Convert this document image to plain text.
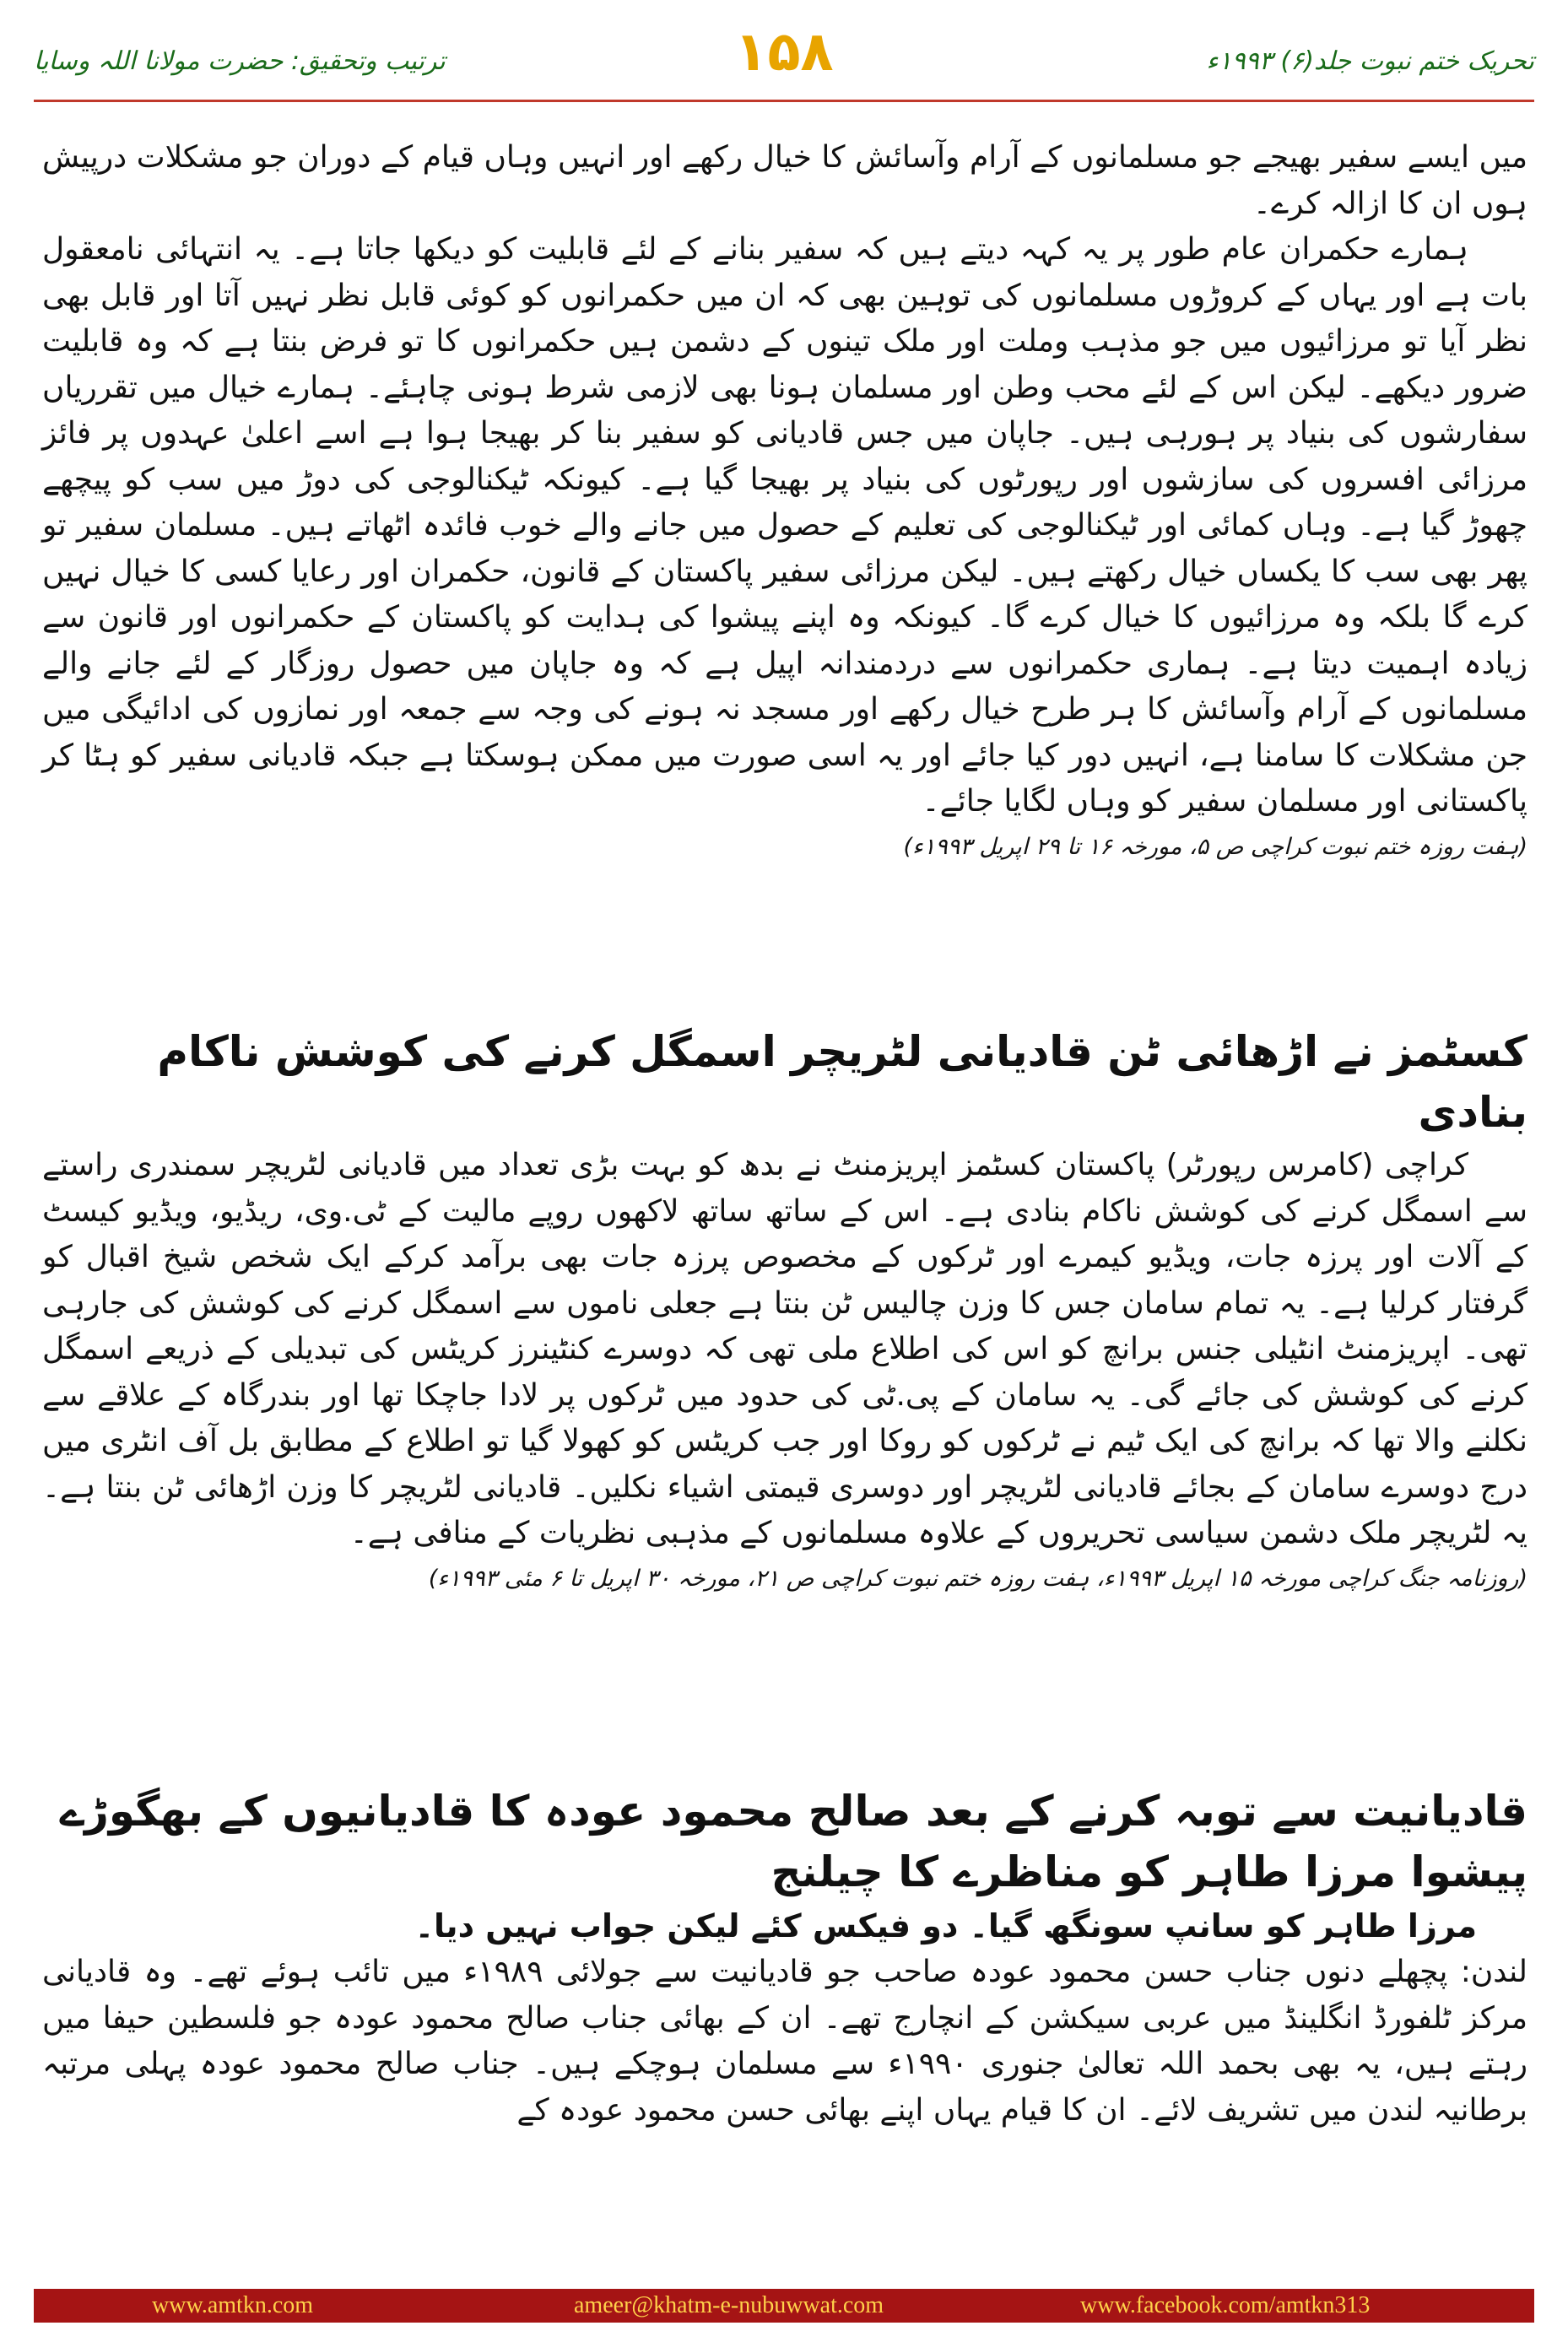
ترتیب وتحقیق: حضرت مولانا اللہ وسایا	۱۵۸	تحریک ختم نبوت جلد(۶) ۱۹۹۳ء

میں ایسے سفیر بھیجے جو مسلمانوں کے آرام وآسائش کا خیال رکھے اور انہیں وہاں قیام کے دوران جو مشکلات درپیش ہوں ان کا ازالہ کرے۔

ہمارے حکمران عام طور پر یہ کہہ دیتے ہیں کہ سفیر بنانے کے لئے قابلیت کو دیکھا جاتا ہے۔ یہ انتہائی نامعقول بات ہے اور یہاں کے کروڑوں مسلمانوں کی توہین بھی کہ ان میں حکمرانوں کو کوئی قابل نظر نہیں آتا اور قابل بھی نظر آیا تو مرزائیوں میں جو مذہب وملت اور ملک تینوں کے دشمن ہیں حکمرانوں کا تو فرض بنتا ہے کہ وہ قابلیت ضرور دیکھے۔ لیکن اس کے لئے محب وطن اور مسلمان ہونا بھی لازمی شرط ہونی چاہئے۔ ہمارے خیال میں تقرریاں سفارشوں کی بنیاد پر ہورہی ہیں۔ جاپان میں جس قادیانی کو سفیر بنا کر بھیجا ہوا ہے اسے اعلیٰ عہدوں پر فائز مرزائی افسروں کی سازشوں اور رپورٹوں کی بنیاد پر بھیجا گیا ہے۔ کیونکہ ٹیکنالوجی کی دوڑ میں سب کو پیچھے چھوڑ گیا ہے۔ وہاں کمائی اور ٹیکنالوجی کی تعلیم کے حصول میں جانے والے خوب فائدہ اٹھاتے ہیں۔ مسلمان سفیر تو پھر بھی سب کا یکساں خیال رکھتے ہیں۔ لیکن مرزائی سفیر پاکستان کے قانون، حکمران اور رعایا کسی کا خیال نہیں کرے گا بلکہ وہ مرزائیوں کا خیال کرے گا۔ کیونکہ وہ اپنے پیشوا کی ہدایت کو پاکستان کے حکمرانوں اور قانون سے زیادہ اہمیت دیتا ہے۔ ہماری حکمرانوں سے دردمندانہ اپیل ہے کہ وہ جاپان میں حصول روزگار کے لئے جانے والے مسلمانوں کے آرام وآسائش کا ہر طرح خیال رکھے اور مسجد نہ ہونے کی وجہ سے جمعہ اور نمازوں کی ادائیگی میں جن مشکلات کا سامنا ہے، انہیں دور کیا جائے اور یہ اسی صورت میں ممکن ہوسکتا ہے جبکہ قادیانی سفیر کو ہٹا کر پاکستانی اور مسلمان سفیر کو وہاں لگایا جائے۔

(ہفت روزہ ختم نبوت کراچی ص ۵، مورخہ ۱۶ تا ۲۹ اپریل ۱۹۹۳ء)
کسٹمز نے اڑھائی ٹن قادیانی لٹریچر اسمگل کرنے کی کوشش ناکام بنادی

کراچی (کامرس رپورٹر) پاکستان کسٹمز اپریزمنٹ نے بدھ کو بہت بڑی تعداد میں قادیانی لٹریچر سمندری راستے سے اسمگل کرنے کی کوشش ناکام بنادی ہے۔ اس کے ساتھ ساتھ لاکھوں روپے مالیت کے ٹی.وی، ریڈیو، ویڈیو کیسٹ کے آلات اور پرزہ جات، ویڈیو کیمرے اور ٹرکوں کے مخصوص پرزہ جات بھی برآمد کرکے ایک شخص شیخ اقبال کو گرفتار کرلیا ہے۔ یہ تمام سامان جس کا وزن چالیس ٹن بنتا ہے جعلی ناموں سے اسمگل کرنے کی کوشش کی جارہی تھی۔ اپریزمنٹ انٹیلی جنس برانچ کو اس کی اطلاع ملی تھی کہ دوسرے کنٹینرز کریٹس کی تبدیلی کے ذریعے اسمگل کرنے کی کوشش کی جائے گی۔ یہ سامان کے پی.ٹی کی حدود میں ٹرکوں پر لادا جاچکا تھا اور بندرگاہ کے علاقے سے نکلنے والا تھا کہ برانچ کی ایک ٹیم نے ٹرکوں کو روکا اور جب کریٹس کو کھولا گیا تو اطلاع کے مطابق بل آف انٹری میں درج دوسرے سامان کے بجائے قادیانی لٹریچر اور دوسری قیمتی اشیاء نکلیں۔ قادیانی لٹریچر کا وزن اڑھائی ٹن بنتا ہے۔ یہ لٹریچر ملک دشمن سیاسی تحریروں کے علاوہ مسلمانوں کے مذہبی نظریات کے منافی ہے۔

(روزنامہ جنگ کراچی مورخہ ۱۵ اپریل ۱۹۹۳ء، ہفت روزہ ختم نبوت کراچی ص ۲۱، مورخہ ۳۰ اپریل تا ۶ مئی ۱۹۹۳ء)
قادیانیت سے توبہ کرنے کے بعد صالح محمود عودہ کا قادیانیوں کے بھگوڑے پیشوا مرزا طاہر کو مناظرے کا چیلنج
مرزا طاہر کو سانپ سونگھ گیا۔ دو فیکس کئے لیکن جواب نہیں دیا۔

لندن: پچھلے دنوں جناب حسن محمود عودہ صاحب جو قادیانیت سے جولائی ۱۹۸۹ء میں تائب ہوئے تھے۔ وہ قادیانی مرکز ٹلفورڈ انگلینڈ میں عربی سیکشن کے انچارج تھے۔ ان کے بھائی جناب صالح محمود عودہ جو فلسطین حیفا میں رہتے ہیں، یہ بھی بحمد اللہ تعالیٰ جنوری ۱۹۹۰ء سے مسلمان ہوچکے ہیں۔ جناب صالح محمود عودہ پہلی مرتبہ برطانیہ لندن میں تشریف لائے۔ ان کا قیام یہاں اپنے بھائی حسن محمود عودہ کے

www.amtkn.com	ameer@khatm-e-nubuwwat.com	www.facebook.com/amtkn313
